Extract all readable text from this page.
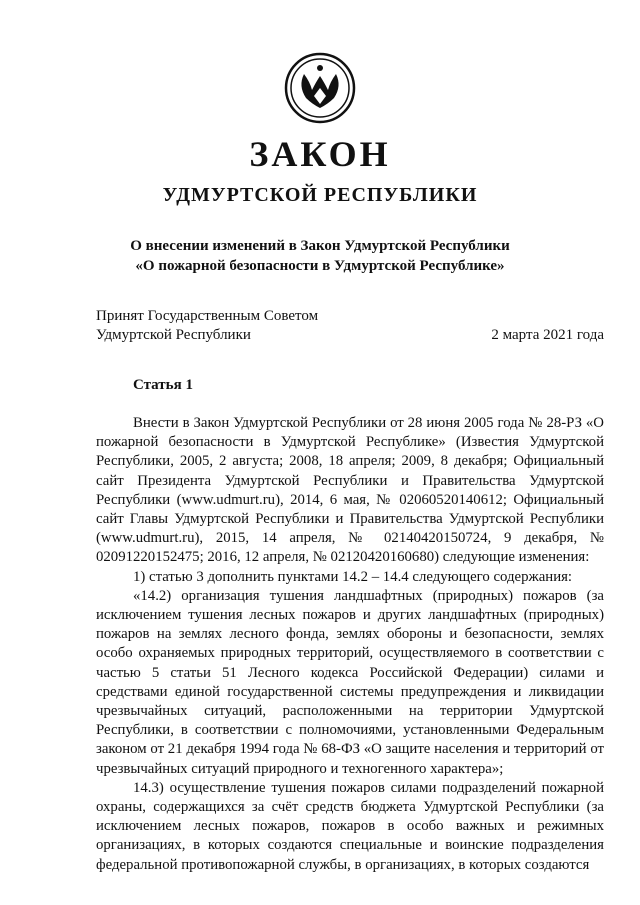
ЗАКОН
УДМУРТСКОЙ РЕСПУБЛИКИ
О внесении изменений в Закон Удмуртской Республики
«О пожарной безопасности в Удмуртской Республике»
Принят Государственным Советом
Удмуртской Республики	2 марта 2021 года
Статья 1

Внести в Закон Удмуртской Республики от 28 июня 2005 года № 28-РЗ «О пожарной безопасности в Удмуртской Республике» (Известия Удмуртской Республики, 2005, 2 августа; 2008, 18 апреля; 2009, 8 декабря; Официальный сайт Президента Удмуртской Республики и Правительства Удмуртской Республики (www.udmurt.ru), 2014, 6 мая, № 02060520140612; Официальный сайт Главы Удмуртской Республики и Правительства Удмуртской Республики (www.udmurt.ru), 2015, 14 апреля, № 02140420150724, 9 декабря, № 02091220152475; 2016, 12 апреля, № 02120420160680) следующие изменения:

1) статью 3 дополнить пунктами 14.2 – 14.4 следующего содержания:

«14.2) организация тушения ландшафтных (природных) пожаров (за исключением тушения лесных пожаров и других ландшафтных (природных) пожаров на землях лесного фонда, землях обороны и безопасности, землях особо охраняемых природных территорий, осуществляемого в соответствии с частью 5 статьи 51 Лесного кодекса Российской Федерации) силами и средствами единой государственной системы предупреждения и ликвидации чрезвычайных ситуаций, расположенными на территории Удмуртской Республики, в соответствии с полномочиями, установленными Федеральным законом от 21 декабря 1994 года № 68-ФЗ «О защите населения и территорий от чрезвычайных ситуаций природного и техногенного характера»;

14.3) осуществление тушения пожаров силами подразделений пожарной охраны, содержащихся за счёт средств бюджета Удмуртской Республики (за исключением лесных пожаров, пожаров в особо важных и режимных организациях, в которых создаются специальные и воинские подразделения федеральной противопожарной службы, в организациях, в которых создаются
